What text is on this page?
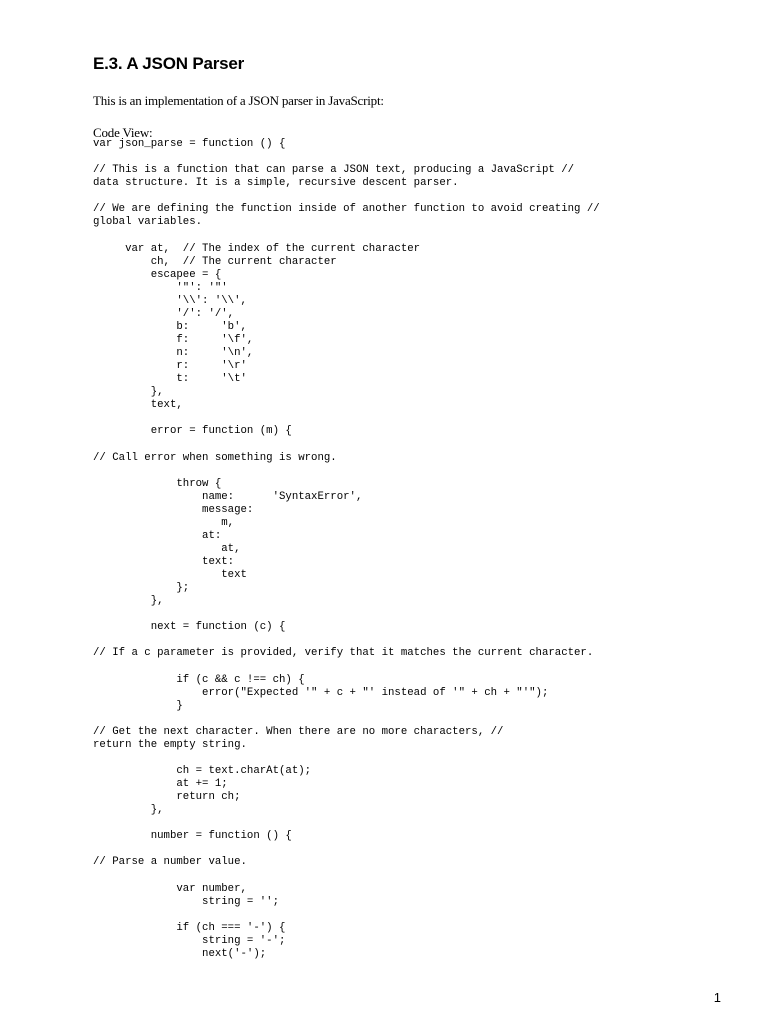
E.3. A JSON Parser

This is an implementation of a JSON parser in JavaScript:

Code View:

var json_parse = function () {

// This is a function that can parse a JSON text, producing a JavaScript //
data structure. It is a simple, recursive descent parser.

// We are defining the function inside of another function to avoid creating //
global variables.

var at,  // The index of the current character
ch,  // The current character
escapee = {
'"': '"'
'\\': '\\',
'/': '/',
b:     'b',
f:     '\f',
n:     '\n',
r:     '\r'
t:     '\t'
},
text,

error = function (m) {

// Call error when something is wrong.

throw {
name:      'SyntaxError',
message:
m,
at:
at,
text:
text
};
},

next = function (c) {

// If a c parameter is provided, verify that it matches the current character.

if (c && c !== ch) {
error("Expected '" + c + "' instead of '" + ch + "'");
}

// Get the next character. When there are no more characters, //
return the empty string.

ch = text.charAt(at);
at += 1;
return ch;
},

number = function () {

// Parse a number value.

var number,
string = '';

if (ch === '-') {
string = '-';
next('-');
1
